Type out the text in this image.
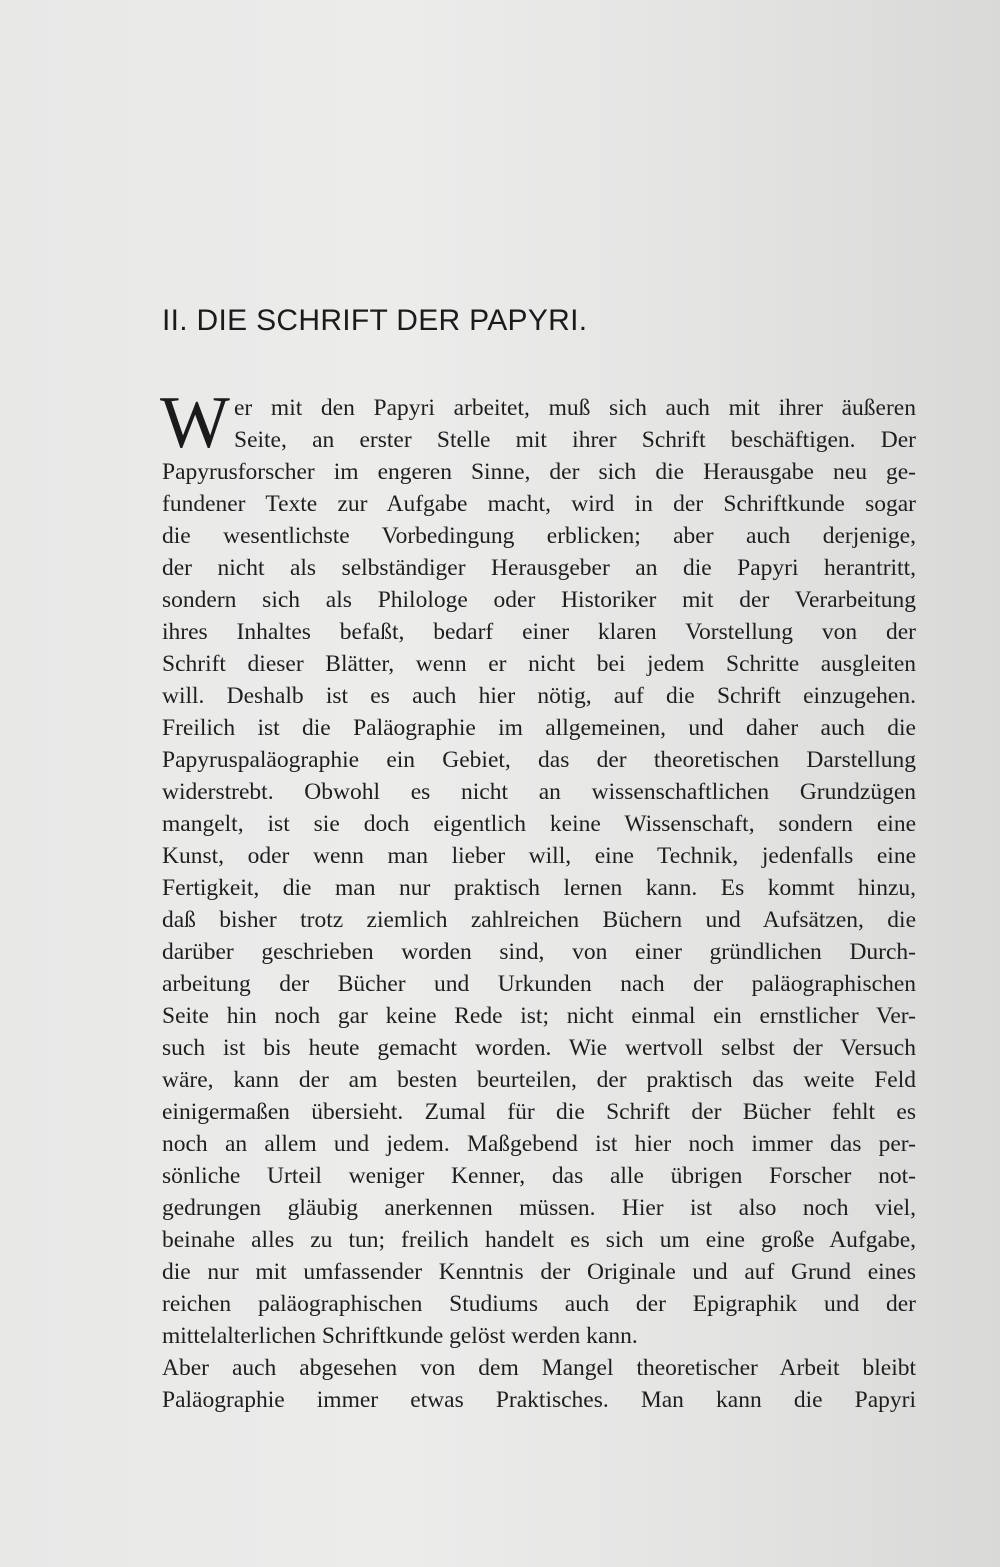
II. DIE SCHRIFT DER PAPYRI.
W er mit den Papyri arbeitet, muß sich auch mit ihrer äußeren
Seite, an erster Stelle mit ihrer Schrift beschäftigen. Der
Papyrusforscher im engeren Sinne, der sich die Herausgabe neu ge-
fundener Texte zur Aufgabe macht, wird in der Schriftkunde sogar
die wesentlichste Vorbedingung erblicken; aber auch derjenige,
der nicht als selbständiger Herausgeber an die Papyri herantritt,
sondern sich als Philologe oder Historiker mit der Verarbeitung
ihres Inhaltes befaßt, bedarf einer klaren Vorstellung von der
Schrift dieser Blätter, wenn er nicht bei jedem Schritte ausgleiten
will. Deshalb ist es auch hier nötig, auf die Schrift einzugehen.
Freilich ist die Paläographie im allgemeinen, und daher auch die
Papyruspaläographie ein Gebiet, das der theoretischen Darstellung
widerstrebt. Obwohl es nicht an wissenschaftlichen Grundzügen
mangelt, ist sie doch eigentlich keine Wissenschaft, sondern eine
Kunst, oder wenn man lieber will, eine Technik, jedenfalls eine
Fertigkeit, die man nur praktisch lernen kann. Es kommt hinzu,
daß bisher trotz ziemlich zahlreichen Büchern und Aufsätzen, die
darüber geschrieben worden sind, von einer gründlichen Durch-
arbeitung der Bücher und Urkunden nach der paläographischen
Seite hin noch gar keine Rede ist; nicht einmal ein ernstlicher Ver-
such ist bis heute gemacht worden. Wie wertvoll selbst der Versuch
wäre, kann der am besten beurteilen, der praktisch das weite Feld
einigermaßen übersieht. Zumal für die Schrift der Bücher fehlt es
noch an allem und jedem. Maßgebend ist hier noch immer das per-
sönliche Urteil weniger Kenner, das alle übrigen Forscher not-
gedrungen gläubig anerkennen müssen. Hier ist also noch viel,
beinahe alles zu tun; freilich handelt es sich um eine große Aufgabe,
die nur mit umfassender Kenntnis der Originale und auf Grund eines
reichen paläographischen Studiums auch der Epigraphik und der
mittelalterlichen Schriftkunde gelöst werden kann.
Aber auch abgesehen von dem Mangel theoretischer Arbeit bleibt
Paläographie immer etwas Praktisches. Man kann die Papyri
